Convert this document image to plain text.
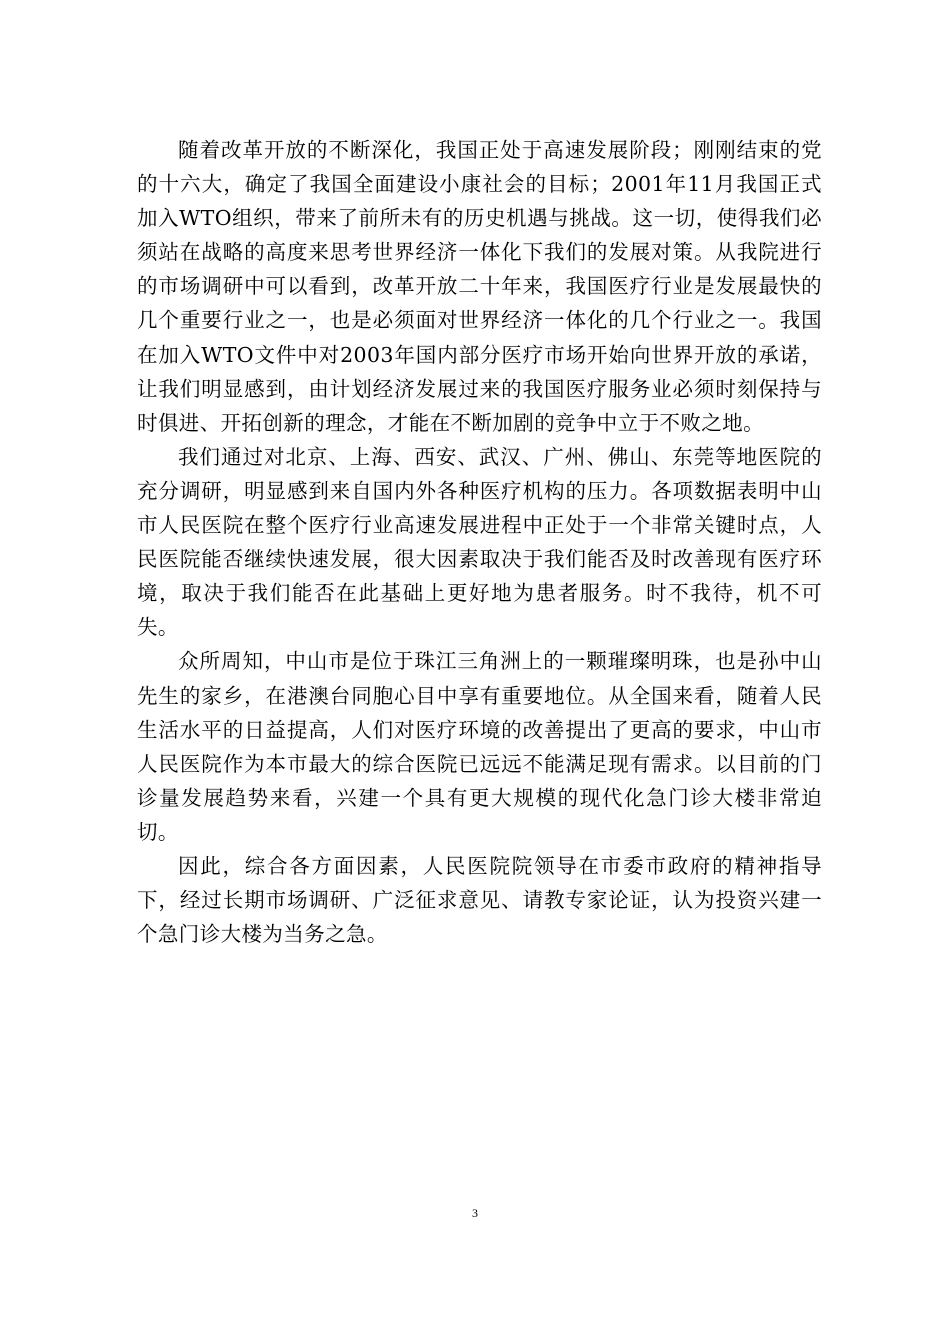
随着改革开放的不断深化，我国正处于高速发展阶段；刚刚结束的党的十六大，确定了我国全面建设小康社会的目标；2001年11月我国正式加入WTO组织，带来了前所未有的历史机遇与挑战。这一切，使得我们必须站在战略的高度来思考世界经济一体化下我们的发展对策。从我院进行的市场调研中可以看到，改革开放二十年来，我国医疗行业是发展最快的几个重要行业之一，也是必须面对世界经济一体化的几个行业之一。我国在加入WTO文件中对2003年国内部分医疗市场开始向世界开放的承诺，让我们明显感到，由计划经济发展过来的我国医疗服务业必须时刻保持与时俱进、开拓创新的理念，才能在不断加剧的竞争中立于不败之地。

我们通过对北京、上海、西安、武汉、广州、佛山、东莞等地医院的充分调研，明显感到来自国内外各种医疗机构的压力。各项数据表明中山市人民医院在整个医疗行业高速发展进程中正处于一个非常关键时点，人民医院能否继续快速发展，很大因素取决于我们能否及时改善现有医疗环境，取决于我们能否在此基础上更好地为患者服务。时不我待，机不可失。

众所周知，中山市是位于珠江三角洲上的一颗璀璨明珠，也是孙中山先生的家乡，在港澳台同胞心目中享有重要地位。从全国来看，随着人民生活水平的日益提高，人们对医疗环境的改善提出了更高的要求，中山市人民医院作为本市最大的综合医院已远远不能满足现有需求。以目前的门诊量发展趋势来看，兴建一个具有更大规模的现代化急门诊大楼非常迫切。

因此，综合各方面因素，人民医院院领导在市委市政府的精神指导下，经过长期市场调研、广泛征求意见、请教专家论证，认为投资兴建一个急门诊大楼为当务之急。

3
